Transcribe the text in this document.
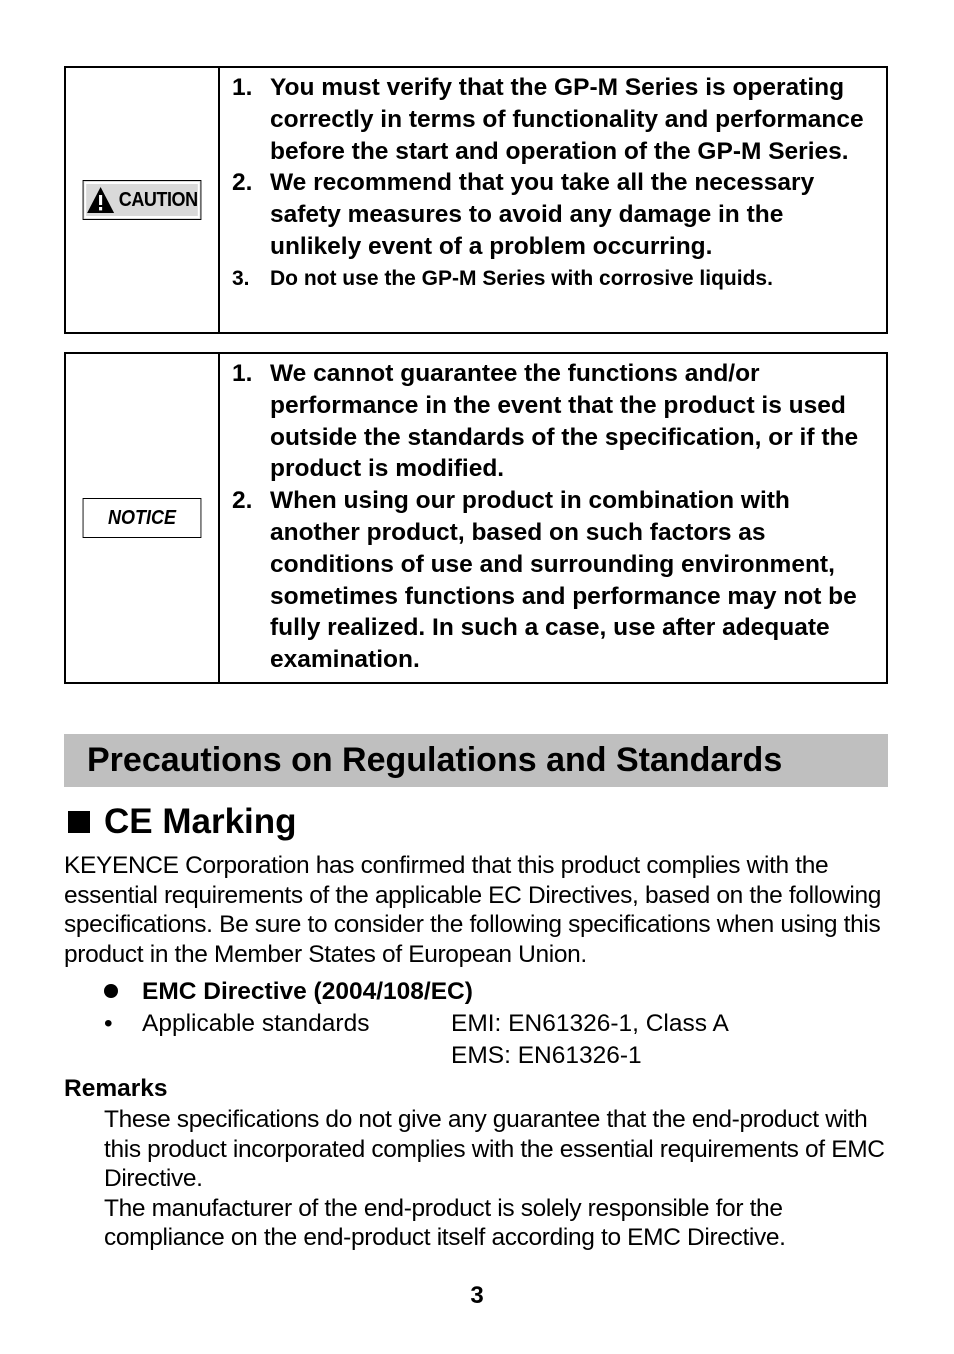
CAUTION
1. You must verify that the GP-M Series is operating correctly in terms of functionality and performance before the start and operation of the GP-M Series.
2. We recommend that you take all the necessary safety measures to avoid any damage in the unlikely event of a problem occurring.
3. Do not use the GP-M Series with corrosive liquids.
NOTICE
1. We cannot guarantee the functions and/or performance in the event that the product is used outside the standards of the specification, or if the product is modified.
2. When using our product in combination with another product, based on such factors as conditions of use and surrounding environment, sometimes functions and performance may not be fully realized. In such a case, use after adequate examination.
Precautions on Regulations and Standards
CE Marking

KEYENCE Corporation has confirmed that this product complies with the essential requirements of the applicable EC Directives, based on the following specifications. Be sure to consider the following specifications when using this product in the Member States of European Union.

EMC Directive (2004/108/EC)
• Applicable standards	EMI: EN61326-1, Class A
EMS: EN61326-1
Remarks

These specifications do not give any guarantee that the end-product with this product incorporated complies with the essential requirements of EMC Directive.

The manufacturer of the end-product is solely responsible for the compliance on the end-product itself according to EMC Directive.

3
